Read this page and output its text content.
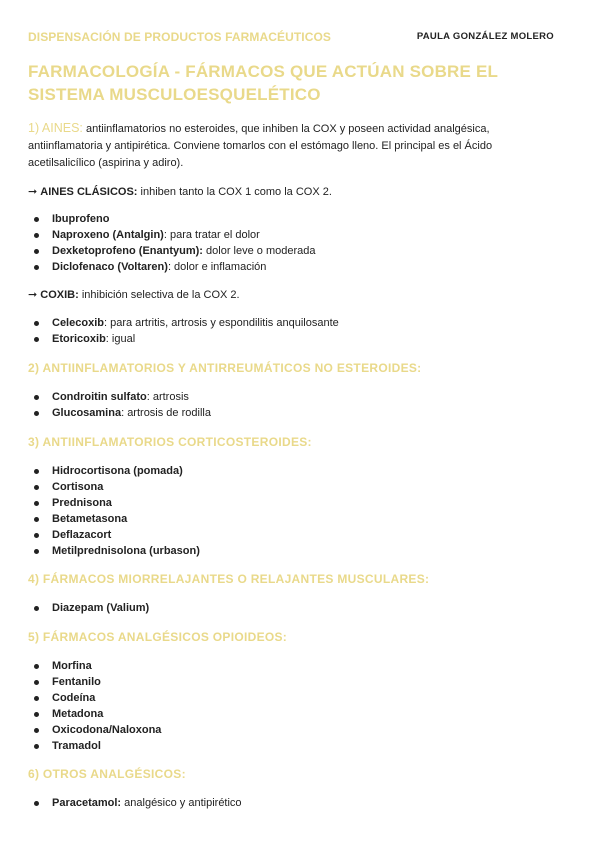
DISPENSACIÓN DE PRODUCTOS FARMACÉUTICOS	PAULA GONZÁLEZ MOLERO
FARMACOLOGÍA - FÁRMACOS QUE ACTÚAN SOBRE EL SISTEMA MUSCULOESQUELÉTICO
1) AINES: antiinflamatorios no esteroides, que inhiben la COX y poseen actividad analgésica, antiinflamatoria y antipirética. Conviene tomarlos con el estómago lleno. El principal es el Ácido acetilsalicílico (aspirina y adiro).
➞ AINES CLÁSICOS: inhiben tanto la COX 1 como la COX 2.
Ibuprofeno
Naproxeno (Antalgin): para tratar el dolor
Dexketoprofeno (Enantyum): dolor leve o moderada
Diclofenaco (Voltaren): dolor e inflamación
➞ COXIB: inhibición selectiva de la COX 2.
Celecoxib: para artritis, artrosis y espondilitis anquilosante
Etoricoxib: igual
2) ANTIINFLAMATORIOS Y ANTIRREUMÁTICOS NO ESTEROIDES:
Condroitin sulfato: artrosis
Glucosamina: artrosis de rodilla
3) ANTIINFLAMATORIOS CORTICOSTEROIDES:
Hidrocortisona (pomada)
Cortisona
Prednisona
Betametasona
Deflazacort
Metilprednisolona (urbason)
4) FÁRMACOS MIORRELAJANTES O RELAJANTES MUSCULARES:
Diazepam (Valium)
5) FÁRMACOS ANALGÉSICOS OPIOIDEOS:
Morfina
Fentanilo
Codeína
Metadona
Oxicodona/Naloxona
Tramadol
6) OTROS ANALGÉSICOS:
Paracetamol: analgésico y antipirético
